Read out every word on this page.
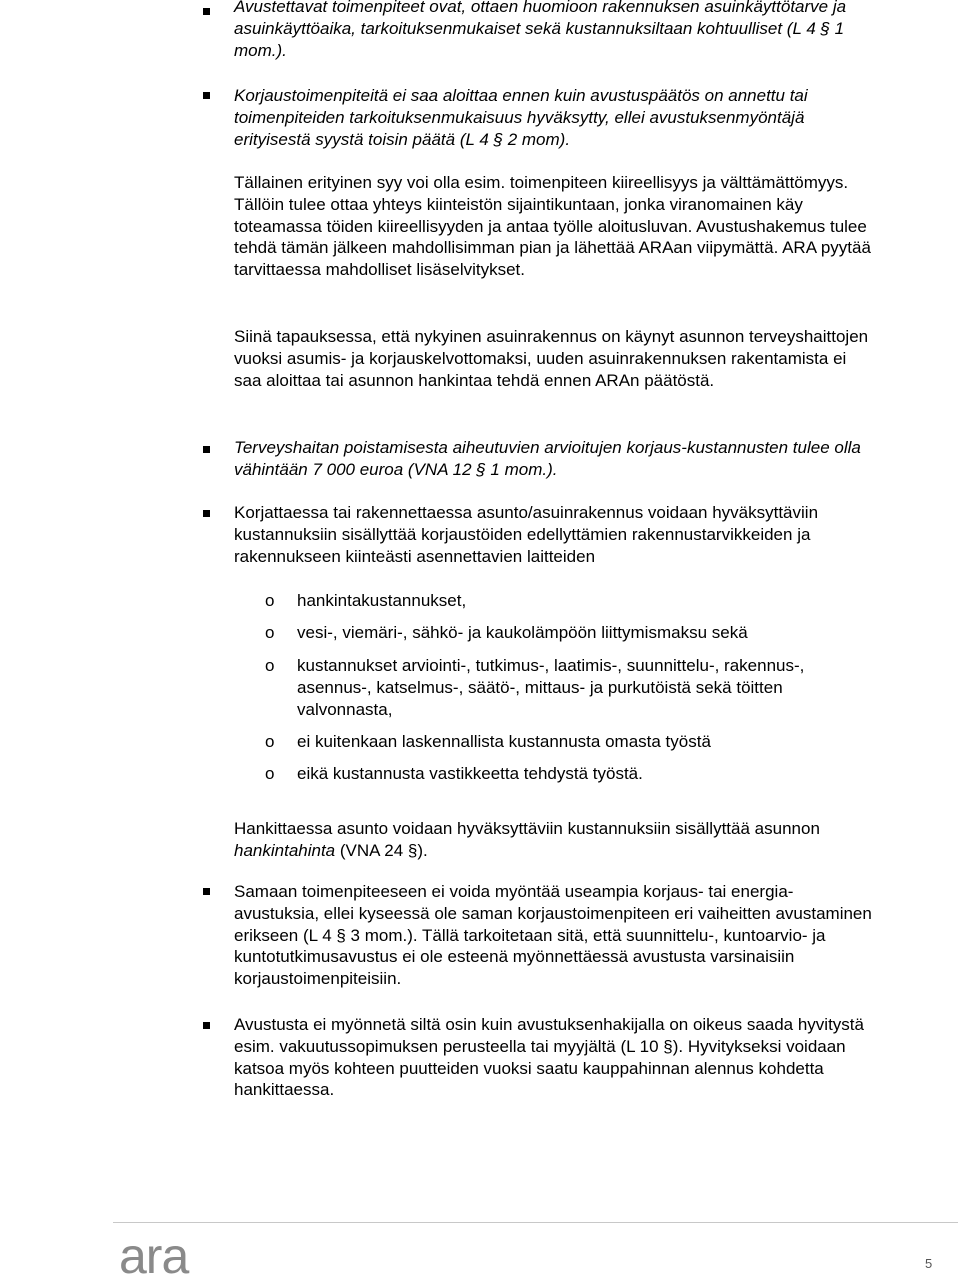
Avustettavat toimenpiteet ovat, ottaen huomioon rakennuksen asuinkäyttötarve ja asuinkäyttöaika, tarkoituksenmukaiset sekä kustannuksiltaan kohtuulliset (L 4 § 1 mom.).

Korjaustoimenpiteitä ei saa aloittaa ennen kuin avustuspäätös on annettu tai toimenpiteiden tarkoituksenmukaisuus hyväksytty, ellei avustuksenmyöntäjä erityisestä syystä toisin päätä (L 4 § 2 mom).

Tällainen erityinen syy voi olla esim. toimenpiteen kiireellisyys ja välttämättömyys. Tällöin tulee ottaa yhteys kiinteistön sijaintikuntaan, jonka viranomainen käy toteamassa töiden kiireellisyyden ja antaa työlle aloitusluvan. Avustushakemus tulee tehdä tämän jälkeen mahdollisimman pian ja lähettää ARAan viipymättä. ARA pyytää tarvittaessa mahdolliset lisäselvitykset.

Siinä tapauksessa, että nykyinen asuinrakennus on käynyt asunnon terveyshaittojen vuoksi asumis- ja korjauskelvottomaksi, uuden asuinrakennuksen rakentamista ei saa aloittaa tai asunnon hankintaa tehdä ennen ARAn päätöstä.

Terveyshaitan poistamisesta aiheutuvien arvioitujen korjaus-kustannusten tulee olla vähintään 7 000 euroa (VNA 12 § 1 mom.).

Korjattaessa tai rakennettaessa asunto/asuinrakennus voidaan hyväksyttäviin kustannuksiin sisällyttää korjaustöiden edellyttämien rakennustarvikkeiden ja rakennukseen kiinteästi asennettavien laitteiden

o hankintakustannukset,

o vesi-, viemäri-, sähkö- ja kaukolämpöön liittymismaksu sekä

o kustannukset arviointi-, tutkimus-, laatimis-, suunnittelu-, rakennus-, asennus-, katselmus-, säätö-, mittaus- ja purkutöistä sekä töitten valvonnasta,

o ei kuitenkaan laskennallista kustannusta omasta työstä

o eikä kustannusta vastikkeetta tehdystä työstä.

Hankittaessa asunto voidaan hyväksyttäviin kustannuksiin sisällyttää asunnon hankintahinta (VNA 24 §).

Samaan toimenpiteeseen ei voida myöntää useampia korjaus- tai energia-avustuksia, ellei kyseessä ole saman korjaustoimenpiteen eri vaiheitten avustaminen erikseen (L 4 § 3 mom.). Tällä tarkoitetaan sitä, että suunnittelu-, kuntoarvio- ja kuntotutkimusavustus ei ole esteenä myönnettäessä avustusta varsinaisiin korjaustoimenpiteisiin.

Avustusta ei myönnetä siltä osin kuin avustuksenhakijalla on oikeus saada hyvitystä esim. vakuutussopimuksen perusteella tai myyjältä (L 10 §). Hyvitykseksi voidaan katsoa myös kohteen puutteiden vuoksi saatu kauppahinnan alennus kohdetta hankittaessa.

ara	5
